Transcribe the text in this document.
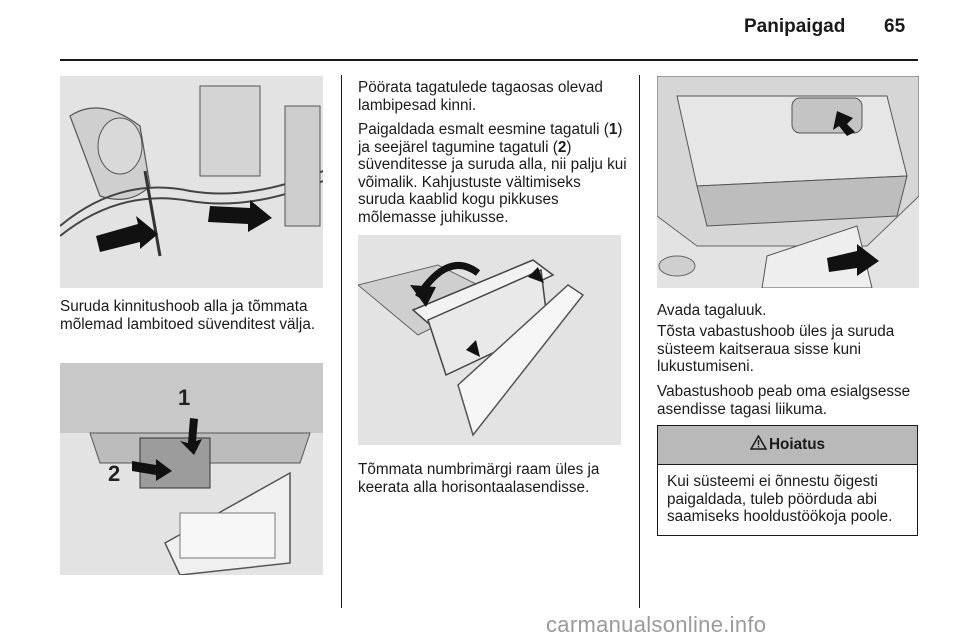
Panipaigad 65

Suruda kinnitushoob alla ja tõmmata mõlemad lambitoed süvenditest välja.

1
2

Pöörata tagatulede tagaosas olevad lambipesad kinni.

Paigaldada esmalt eesmine tagatuli (1) ja seejärel tagumine tagatuli (2) süvenditesse ja suruda alla, nii palju kui võimalik. Kahjustuste vältimiseks suruda kaablid kogu pikkuses mõlemasse juhikusse.

Tõmmata numbrimärgi raam üles ja keerata alla horisontaalasendisse.

Avada tagaluuk.

Tõsta vabastushoob üles ja suruda süsteem kaitseraua sisse kuni lukustumiseni.

Vabastushoob peab oma esialgsesse asendisse tagasi liikuma.

Hoiatus
Kui süsteemi ei õnnestu õigesti paigaldada, tuleb pöörduda abi saamiseks hooldustöökoja poole.
carmanualsonline.info
